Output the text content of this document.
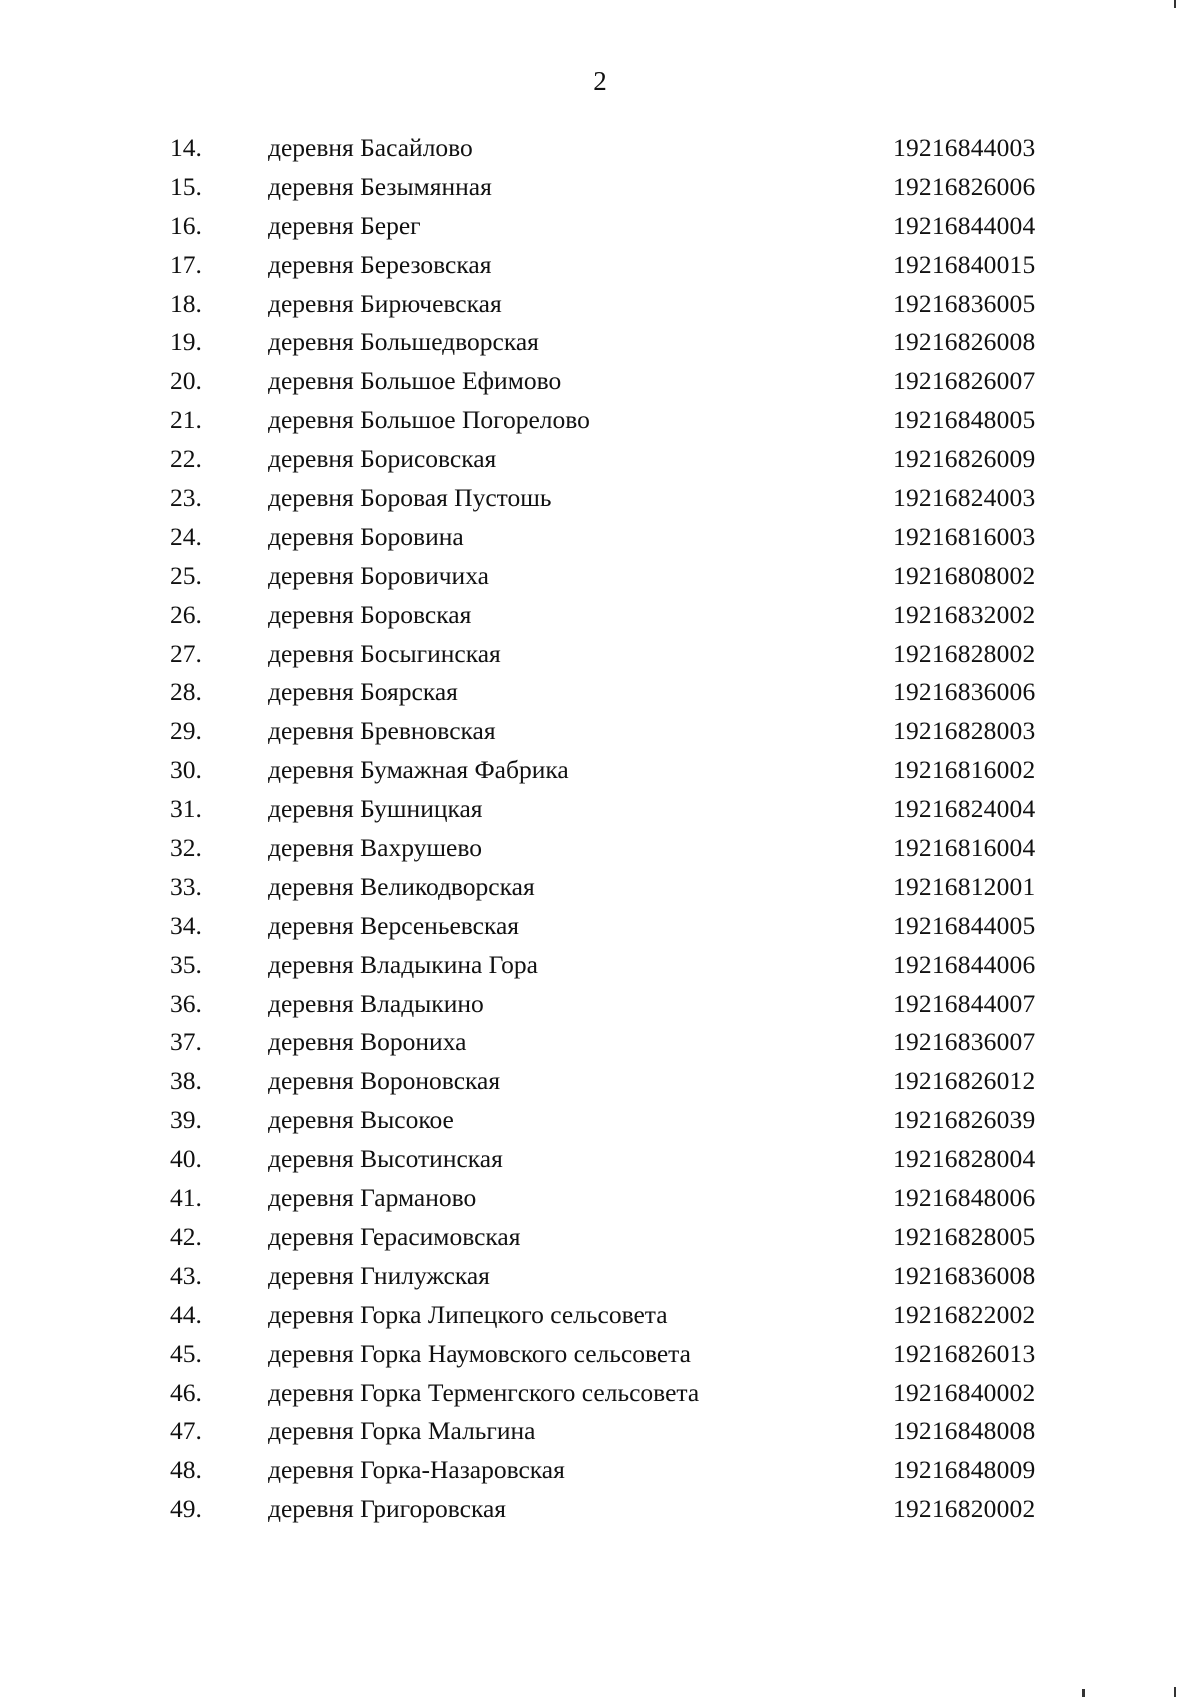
2
14.	деревня Басайлово	19216844003
15.	деревня Безымянная	19216826006
16.	деревня Берег	19216844004
17.	деревня Березовская	19216840015
18.	деревня Бирючевская	19216836005
19.	деревня Большедворская	19216826008
20.	деревня Большое Ефимово	19216826007
21.	деревня Большое Погорелово	19216848005
22.	деревня Борисовская	19216826009
23.	деревня Боровая Пустошь	19216824003
24.	деревня Боровина	19216816003
25.	деревня Боровичиха	19216808002
26.	деревня Боровская	19216832002
27.	деревня Босыгинская	19216828002
28.	деревня Боярская	19216836006
29.	деревня Бревновская	19216828003
30.	деревня Бумажная Фабрика	19216816002
31.	деревня Бушницкая	19216824004
32.	деревня Вахрушево	19216816004
33.	деревня Великодворская	19216812001
34.	деревня Версеньевская	19216844005
35.	деревня Владыкина Гора	19216844006
36.	деревня Владыкино	19216844007
37.	деревня Ворониха	19216836007
38.	деревня Вороновская	19216826012
39.	деревня Высокое	19216826039
40.	деревня Высотинская	19216828004
41.	деревня Гарманово	19216848006
42.	деревня Герасимовская	19216828005
43.	деревня Гнилужская	19216836008
44.	деревня Горка Липецкого сельсовета	19216822002
45.	деревня Горка Наумовского сельсовета	19216826013
46.	деревня Горка Терменгского сельсовета	19216840002
47.	деревня Горка Мальгина	19216848008
48.	деревня Горка-Назаровская	19216848009
49.	деревня Григоровская	19216820002
